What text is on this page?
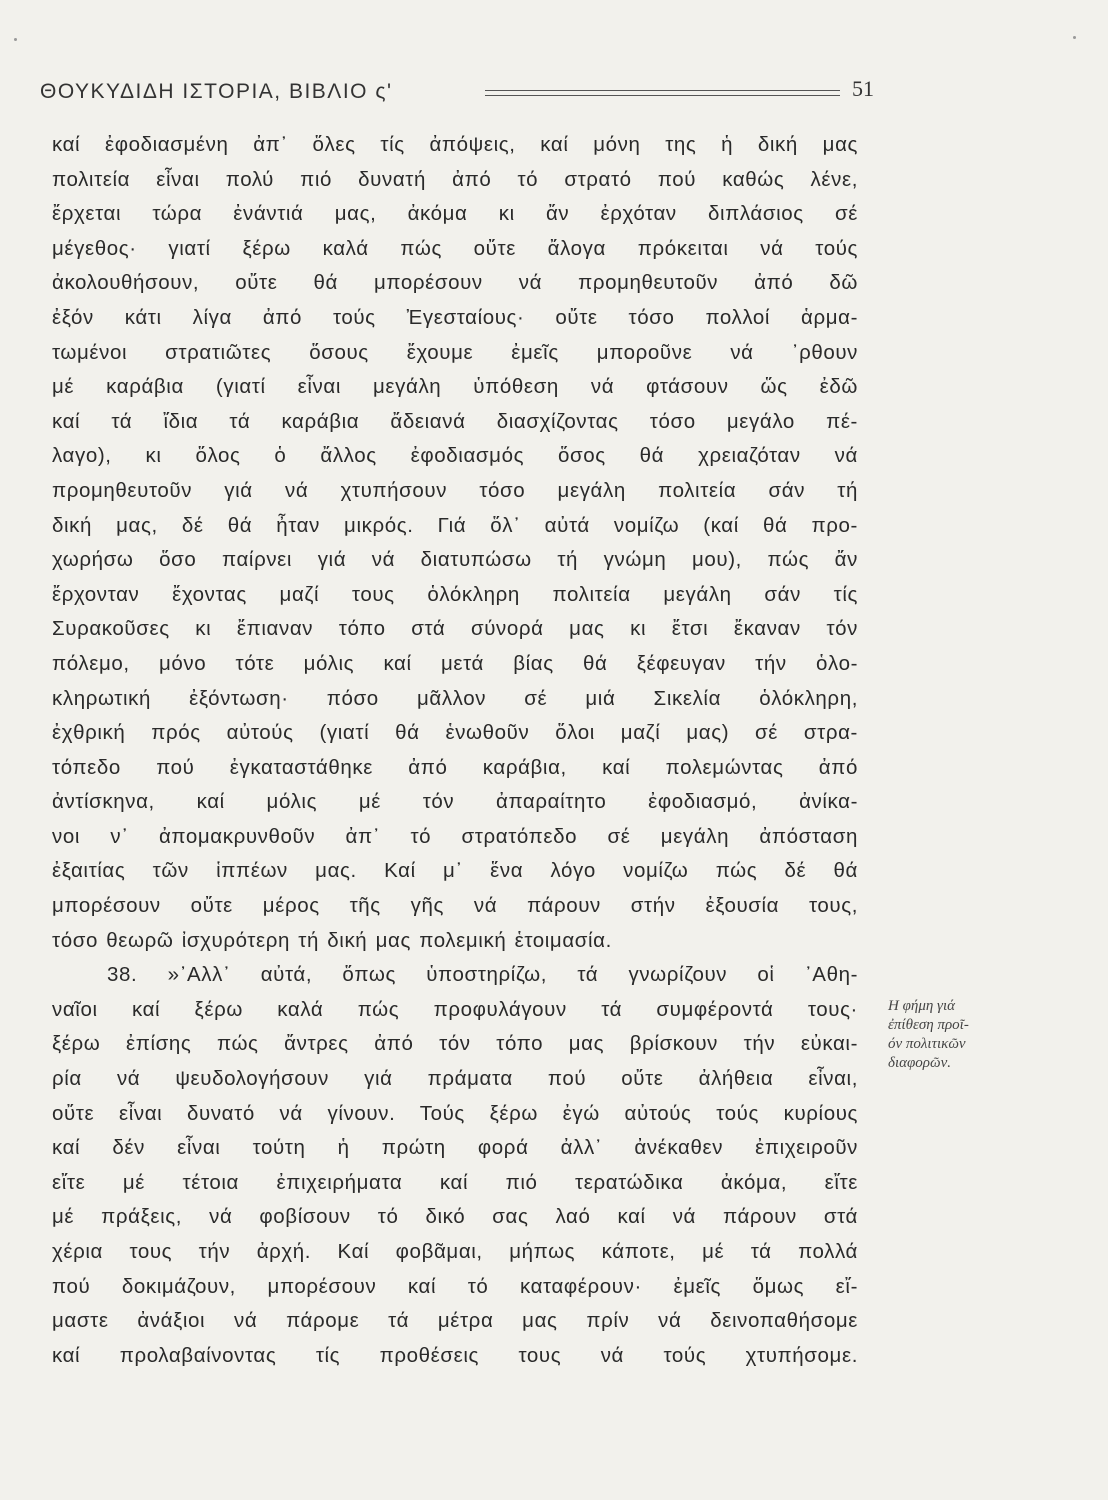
ΘΟΥΚΥΔΙΔΗ ΙΣΤΟΡΙΑ, ΒΙΒΛΙΟ ς'	51
καί ἐφοδιασμένη ἀπ᾽ ὅλες τίς ἀπόψεις, καί μόνη της ἡ δική μας
πολιτεία εἶναι πολύ πιό δυνατή ἀπό τό στρατό πού καθώς λένε,
ἔρχεται τώρα ἐνάντιά μας, ἀκόμα κι ἄν ἐρχόταν διπλάσιος σέ
μέγεθος· γιατί ξέρω καλά πώς οὔτε ἄλογα πρόκειται νά τούς
ἀκολουθήσουν, οὔτε θά μπορέσουν νά προμηθευτοῦν ἀπό δῶ
ἐξόν κάτι λίγα ἀπό τούς Ἐγεσταίους· οὔτε τόσο πολλοί ἁρμα-
τωμένοι στρατιῶτες ὅσους ἔχουμε ἐμεῖς μποροῦνε νά ᾽ρθουν
μέ καράβια (γιατί εἶναι μεγάλη ὑπόθεση νά φτάσουν ὥς ἐδῶ
καί τά ἴδια τά καράβια ἄδειανά διασχίζοντας τόσο μεγάλο πέ-
λαγο), κι ὅλος ὁ ἄλλος ἐφοδιασμός ὅσος θά χρειαζόταν νά
προμηθευτοῦν γιά νά χτυπήσουν τόσο μεγάλη πολιτεία σάν τή
δική μας, δέ θά ἦταν μικρός. Γιά ὅλ᾽ αὐτά νομίζω (καί θά προ-
χωρήσω ὅσο παίρνει γιά νά διατυπώσω τή γνώμη μου), πώς ἄν
ἔρχονταν ἔχοντας μαζί τους ὁλόκληρη πολιτεία μεγάλη σάν τίς
Συρακοῦσες κι ἔπιαναν τόπο στά σύνορά μας κι ἔτσι ἔκαναν τόν
πόλεμο, μόνο τότε μόλις καί μετά βίας θά ξέφευγαν τήν ὁλο-
κληρωτική ἐξόντωση· πόσο μᾶλλον σέ μιά Σικελία ὁλόκληρη,
ἐχθρική πρός αὐτούς (γιατί θά ἑνωθοῦν ὅλοι μαζί μας) σέ στρα-
τόπεδο πού ἐγκαταστάθηκε ἀπό καράβια, καί πολεμώντας ἀπό
ἀντίσκηνα, καί μόλις μέ τόν ἀπαραίτητο ἐφοδιασμό, ἀνίκα-
νοι ν᾽ ἀπομακρυνθοῦν ἀπ᾽ τό στρατόπεδο σέ μεγάλη ἀπόσταση
ἐξαιτίας τῶν ἱππέων μας. Καί μ᾽ ἕνα λόγο νομίζω πώς δέ θά
μπορέσουν οὔτε μέρος τῆς γῆς νά πάρουν στήν ἐξουσία τους,
τόσο θεωρῶ ἰσχυρότερη τή δική μας πολεμική ἑτοιμασία.
38. »᾽Αλλ᾽ αὐτά, ὅπως ὑποστηρίζω, τά γνωρίζουν οἱ ᾽Αθη-
ναῖοι καί ξέρω καλά πώς προφυλάγουν τά συμφέροντά τους·
ξέρω ἐπίσης πώς ἄντρες ἀπό τόν τόπο μας βρίσκουν τήν εὐκαι-
ρία νά ψευδολογήσουν γιά πράματα πού οὔτε ἀλήθεια εἶναι,
οὔτε εἶναι δυνατό νά γίνουν. Τούς ξέρω ἐγώ αὐτούς τούς κυρίους
καί δέν εἶναι τούτη ἡ πρώτη φορά ἀλλ᾽ ἀνέκαθεν ἐπιχειροῦν
εἴτε μέ τέτοια ἐπιχειρήματα καί πιό τερατώδικα ἀκόμα, εἴτε
μέ πράξεις, νά φοβίσουν τό δικό σας λαό καί νά πάρουν στά
χέρια τους τήν ἀρχή. Καί φοβᾶμαι, μήπως κάποτε, μέ τά πολλά
πού δοκιμάζουν, μπορέσουν καί τό καταφέρουν· ἐμεῖς ὅμως εἴ-
μαστε ἀνάξιοι νά πάρομε τά μέτρα μας πρίν νά δεινοπαθήσομε
καί προλαβαίνοντας τίς προθέσεις τους νά τούς χτυπήσομε.
Η φήμη γιά
ἐπίθεση προῖ-
όν πολιτικῶν
διαφορῶν.
